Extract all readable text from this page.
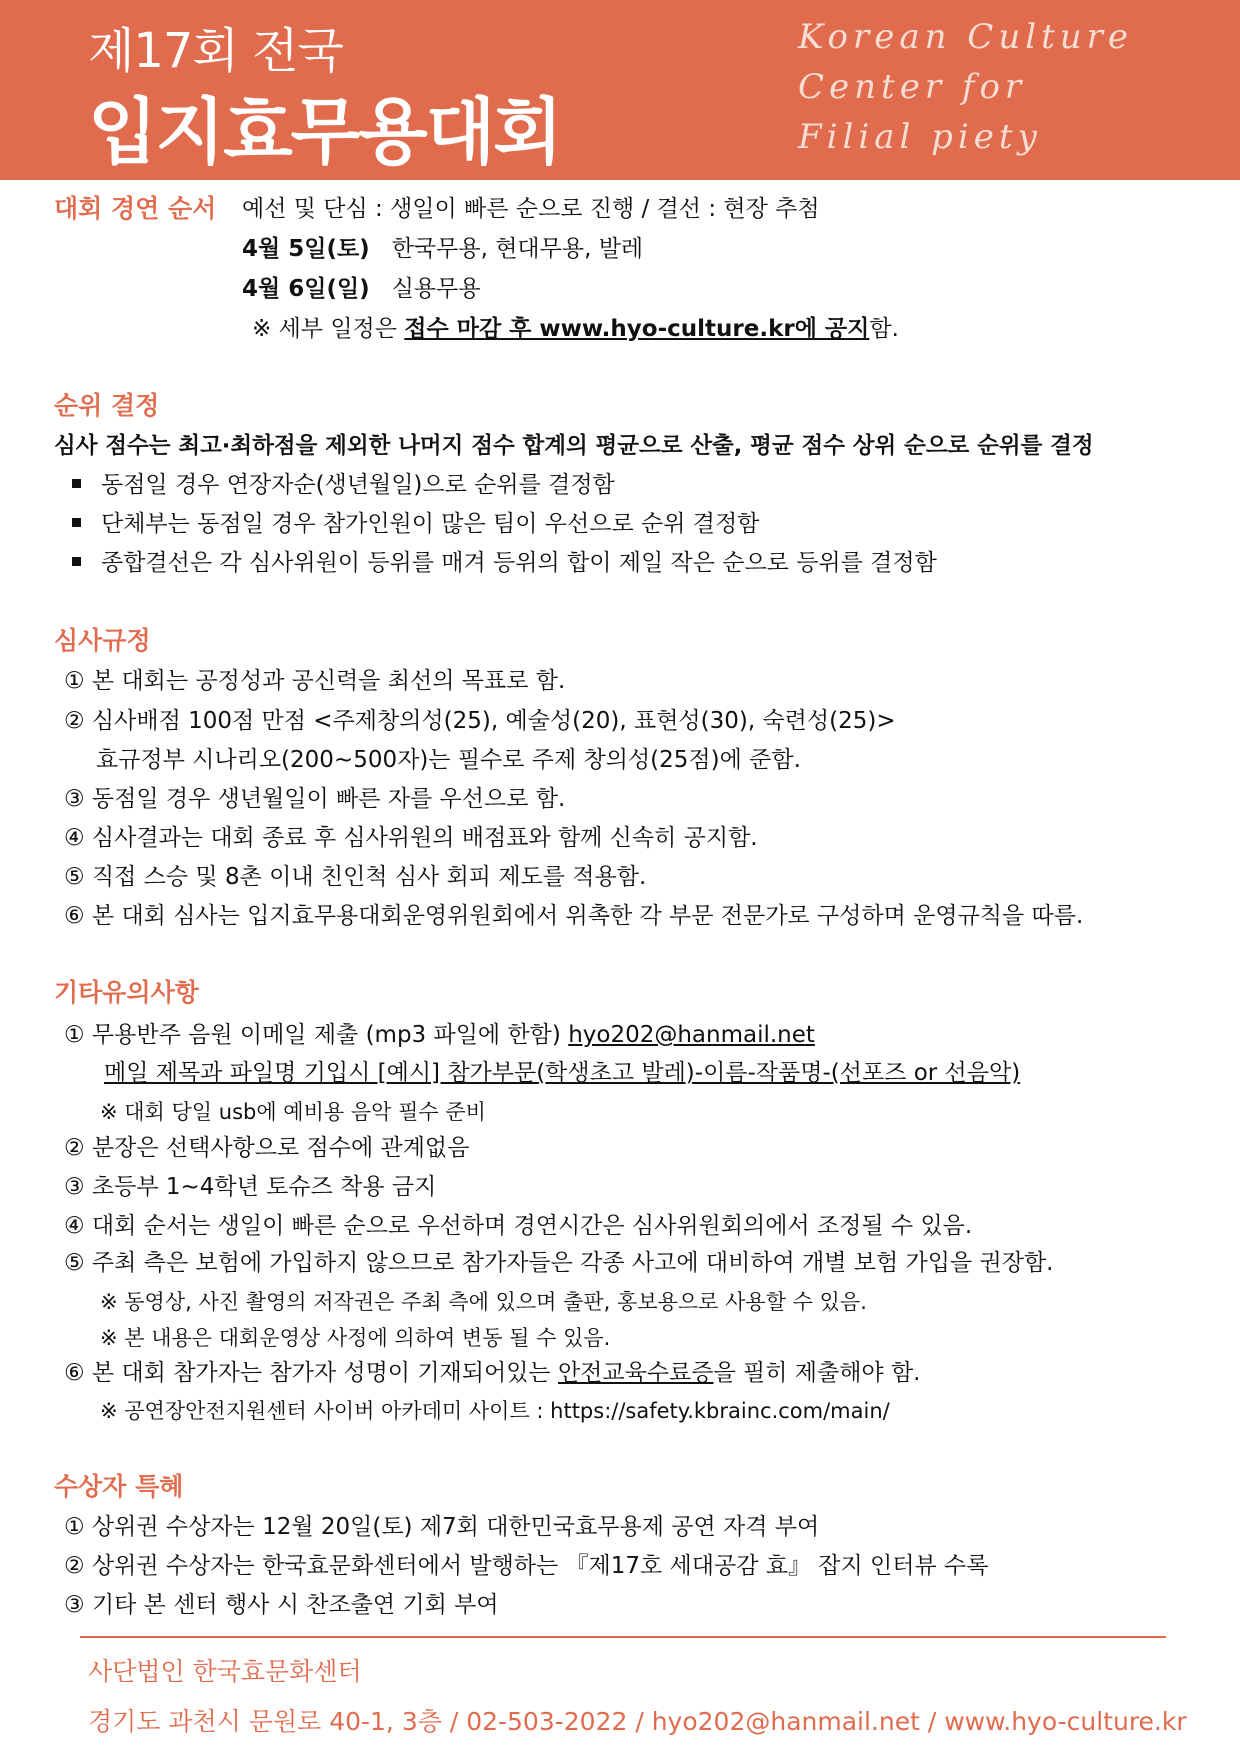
제17회 전국
입지효무용대회
Korean Culture
Center for
Filial piety
대회 경연 순서 예선 및 단심 : 생일이 빠른 순으로 진행 / 결선 : 현장 추첨
4월 5일(토) 한국무용, 현대무용, 발레
4월 6일(일) 실용무용
※ 세부 일정은 접수 마감 후 www.hyo-culture.kr에 공지함.
순위 결정
심사 점수는 최고·최하점을 제외한 나머지 점수 합계의 평균으로 산출, 평균 점수 상위 순으로 순위를 결정
동점일 경우 연장자순(생년월일)으로 순위를 결정함
단체부는 동점일 경우 참가인원이 많은 팀이 우선으로 순위 결정함
종합결선은 각 심사위원이 등위를 매겨 등위의 합이 제일 작은 순으로 등위를 결정함
심사규정
① 본 대회는 공정성과 공신력을 최선의 목표로 함.
② 심사배점 100점 만점 <주제창의성(25), 예술성(20), 표현성(30), 숙련성(25)>
효규정부 시나리오(200~500자)는 필수로 주제 창의성(25점)에 준함.
③ 동점일 경우 생년월일이 빠른 자를 우선으로 함.
④ 심사결과는 대회 종료 후 심사위원의 배점표와 함께 신속히 공지함.
⑤ 직접 스승 및 8촌 이내 친인척 심사 회피 제도를 적용함.
⑥ 본 대회 심사는 입지효무용대회운영위원회에서 위촉한 각 부문 전문가로 구성하며 운영규칙을 따름.
기타유의사항
① 무용반주 음원 이메일 제출 (mp3 파일에 한함) hyo202@hanmail.net
메일 제목과 파일명 기입시 [예시] 참가부문(학생초고 발레)-이름-작품명-(선포즈 or 선음악)
※ 대회 당일 usb에 예비용 음악 필수 준비
② 분장은 선택사항으로 점수에 관계없음
③ 초등부 1~4학년 토슈즈 착용 금지
④ 대회 순서는 생일이 빠른 순으로 우선하며 경연시간은 심사위원회의에서 조정될 수 있음.
⑤ 주최 측은 보험에 가입하지 않으므로 참가자들은 각종 사고에 대비하여 개별 보험 가입을 권장함.
※ 동영상, 사진 촬영의 저작권은 주최 측에 있으며 출판, 홍보용으로 사용할 수 있음.
※ 본 내용은 대회운영상 사정에 의하여 변동 될 수 있음.
⑥ 본 대회 참가자는 참가자 성명이 기재되어있는 안전교육수료증을 필히 제출해야 함.
※ 공연장안전지원센터 사이버 아카데미 사이트 : https://safety.kbrainc.com/main/
수상자 특혜
① 상위권 수상자는 12월 20일(토) 제7회 대한민국효무용제 공연 자격 부여
② 상위권 수상자는 한국효문화센터에서 발행하는 『제17호 세대공감 효』 잡지 인터뷰 수록
③ 기타 본 센터 행사 시 찬조출연 기회 부여
사단법인 한국효문화센터
경기도 과천시 문원로 40-1, 3층 / 02-503-2022 / hyo202@hanmail.net / www.hyo-culture.kr
